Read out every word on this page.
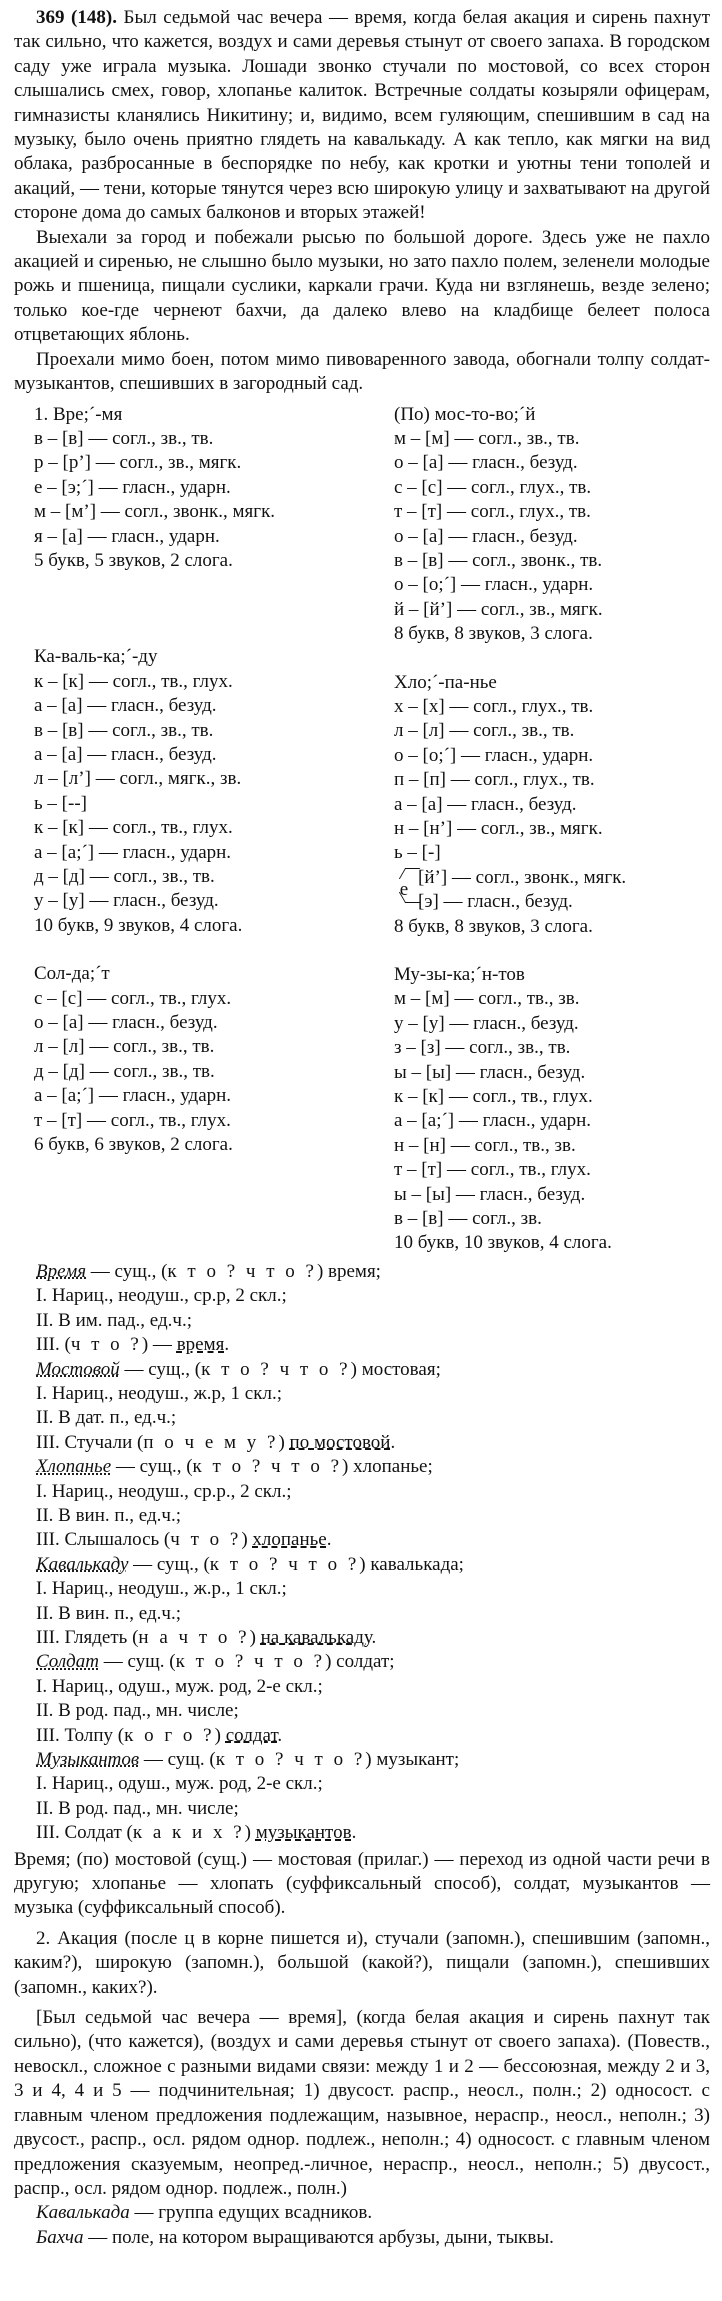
369 (148). Был седьмой час вечера — время, когда белая акация и сирень пахнут так сильно, что кажется, воздух и сами деревья стынут от своего запаха. В городском саду уже играла музыка. Лошади звонко стучали по мостовой, со всех сторон слышались смех, говор, хлопанье калиток. Встречные солдаты козыряли офицерам, гимназисты кланялись Никитину; и, видимо, всем гуляющим, спешившим в сад на музыку, было очень приятно глядеть на кавалькаду. А как тепло, как мягки на вид облака, разбросанные в беспорядке по небу, как кротки и уютны тени тополей и акаций, — тени, которые тянутся через всю широкую улицу и захватывают на другой стороне дома до самых балконов и вторых этажей!

Выехали за город и побежали рысью по большой дороге. Здесь уже не пахло акацией и сиренью, не слышно было музыки, но зато пахло полем, зеленели молодые рожь и пшеница, пищали суслики, каркали грачи. Куда ни взглянешь, везде зелено; только кое-где чернеют бахчи, да далеко влево на кладбище белеет полоса отцветающих яблонь.

Проехали мимо боен, потом мимо пивоваренного завода, обогнали толпу солдат-музыкантов, спешивших в загородный сад.

1. Вре;´-мя
в – [в] — согл., зв., тв.
р – [р’] — согл., зв., мягк.
е – [э;´] — гласн., ударн.
м – [м’] — согл., звонк., мягк.
я – [а] — гласн., ударн.
5 букв, 5 звуков, 2 слога.
Ка-валь-ка;´-ду
к – [к] — согл., тв., глух.
а – [а] — гласн., безуд.
в – [в] — согл., зв., тв.
а – [а] — гласн., безуд.
л – [л’] — согл., мягк., зв.
ь – [--]
к – [к] — согл., тв., глух.
а – [а;´] — гласн., ударн.
д – [д] — согл., зв., тв.
у – [у] — гласн., безуд.
10 букв, 9 звуков, 4 слога.
Сол-да;´т
с – [с] — согл., тв., глух.
о – [а] — гласн., безуд.
л – [л] — согл., зв., тв.
д – [д] — согл., зв., тв.
а – [а;´] — гласн., ударн.
т – [т] — согл., тв., глух.
6 букв, 6 звуков, 2 слога.
(По) мос-то-во;´й
м – [м] — согл., зв., тв.
о – [а] — гласн., безуд.
с – [с] — согл., глух., тв.
т – [т] — согл., глух., тв.
о – [а] — гласн., безуд.
в – [в] — согл., звонк., тв.
о – [о;´] — гласн., ударн.
й – [й’] — согл., зв., мягк.
8 букв, 8 звуков, 3 слога.
Хло;´-па-нье
х – [х] — согл., глух., тв.
л – [л] — согл., зв., тв.
о – [о;´] — гласн., ударн.
п – [п] — согл., глух., тв.
а – [а] — гласн., безуд.
н – [н’] — согл., зв., мягк.
ь – [-]
е
[й’] — согл., звонк., мягк.
[э] — гласн., безуд.
8 букв, 8 звуков, 3 слога.
Му-зы-ка;´н-тов
м – [м] — согл., тв., зв.
у – [у] — гласн., безуд.
з – [з] — согл., зв., тв.
ы – [ы] — гласн., безуд.
к – [к] — согл., тв., глух.
а – [а;´] — гласн., ударн.
н – [н] — согл., тв., зв.
т – [т] — согл., тв., глух.
ы – [ы] — гласн., безуд.
в – [в] — согл., зв.
10 букв, 10 звуков, 4 слога.
Время — сущ., (к т о ? ч т о ?) время;
I. Нариц., неодуш., ср.р, 2 скл.;
II. В им. пад., ед.ч.;
III. (ч т о ?) — время.
Мостовой — сущ., (к т о ? ч т о ?) мостовая;
I. Нариц., неодуш., ж.р, 1 скл.;
II. В дат. п., ед.ч.;
III. Стучали (п о ч е м у ?) по мостовой.
Хлопанье — сущ., (к т о ? ч т о ?) хлопанье;
I. Нариц., неодуш., ср.р., 2 скл.;
II. В вин. п., ед.ч.;
III. Слышалось (ч т о ?) хлопанье.
Кавалькаду — сущ., (к т о ? ч т о ?) кавалькада;
I. Нариц., неодуш., ж.р., 1 скл.;
II. В вин. п., ед.ч.;
III. Глядеть (н а ч т о ?) на кавалькаду.
Солдат — сущ. (к т о ? ч т о ?) солдат;
I. Нариц., одуш., муж. род, 2-е скл.;
II. В род. пад., мн. числе;
III. Толпу (к о г о ?) солдат.
Музыкантов — сущ. (к т о ? ч т о ?) музыкант;
I. Нариц., одуш., муж. род, 2-е скл.;
II. В род. пад., мн. числе;
III. Солдат (к а к и х ?) музыкантов.
Время; (по) мостовой (сущ.) — мостовая (прилаг.) — переход из одной части речи в другую; хлопанье — хлопать (суффиксальный способ), солдат, музыкантов — музыка (суффиксальный способ).
2. Акация (после ц в корне пишется и), стучали (запомн.), спешившим (запомн., каким?), широкую (запомн.), большой (какой?), пищали (запомн.), спешивших (запомн., каких?).
[Был седьмой час вечера — время], (когда белая акация и сирень пахнут так сильно), (что кажется), (воздух и сами деревья стынут от своего запаха). (Повеств., невоскл., сложное с разными видами связи: между 1 и 2 — бессоюзная, между 2 и 3, 3 и 4, 4 и 5 — подчинительная; 1) двусост. распр., неосл., полн.; 2) односост. с главным членом предложения подлежащим, назывное, нераспр., неосл., неполн.; 3) двусост., распр., осл. рядом однор. подлеж., неполн.; 4) односост. с главным членом предложения сказуемым, неопред.-личное, нераспр., неосл., неполн.; 5) двусост., распр., осл. рядом однор. подлеж., полн.)
Кавалькада — группа едущих всадников.
Бахча — поле, на котором выращиваются арбузы, дыни, тыквы.
